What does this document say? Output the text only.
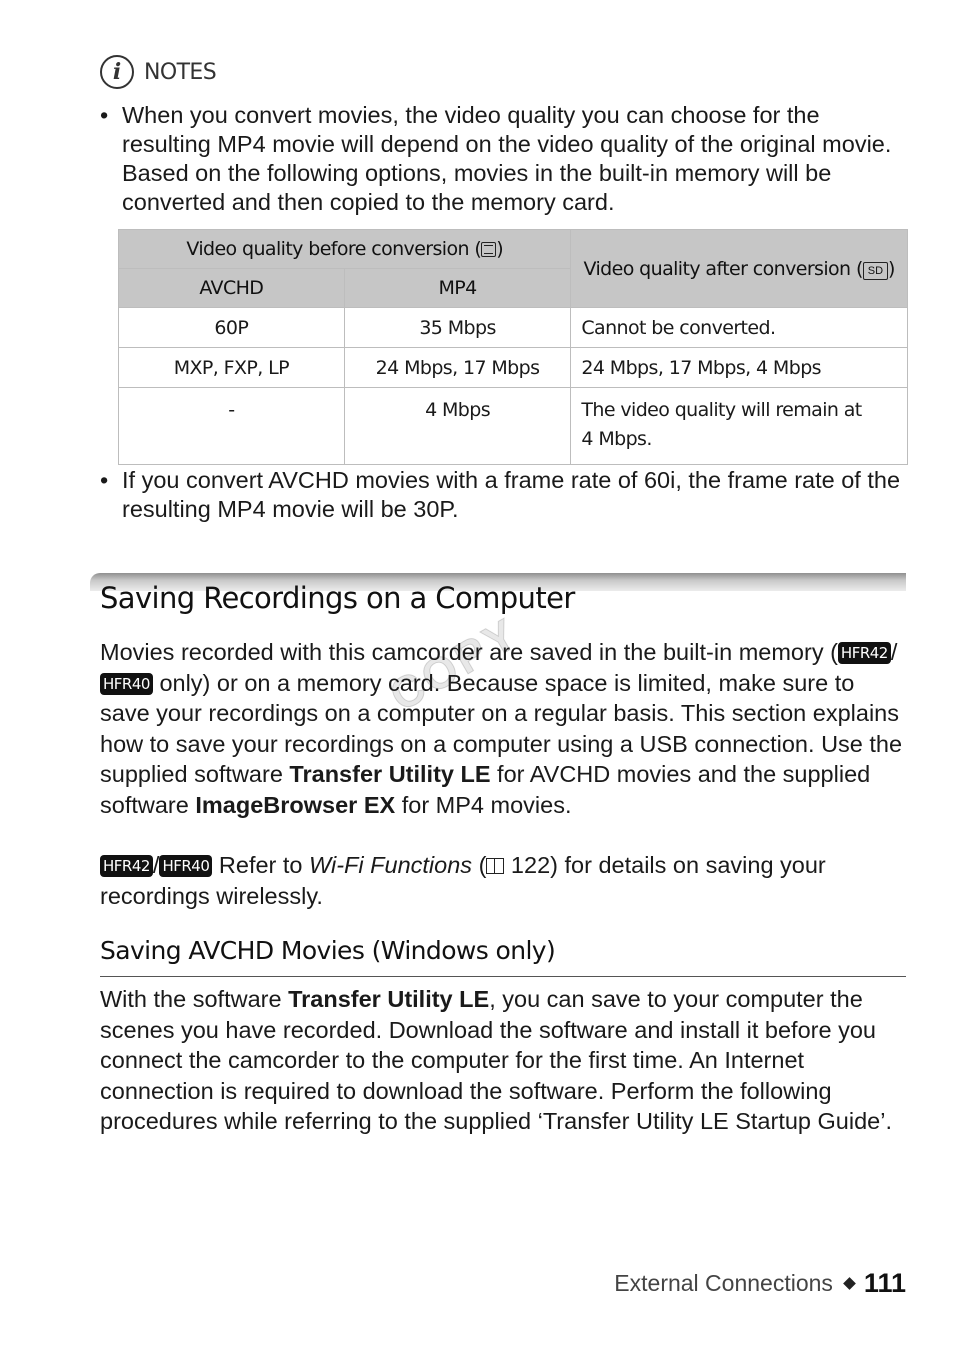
i	NOTES
• When you convert movies, the video quality you can choose for the resulting MP4 movie will depend on the video quality of the original movie. Based on the following options, movies in the built-in memory will be converted and then copied to the memory card.
Video quality before conversion ( )		Video quality after conversion ( SD )
AVCHD	MP4	
60P	35 Mbps	Cannot be converted.
MXP, FXP, LP	24 Mbps, 17 Mbps	24 Mbps, 17 Mbps, 4 Mbps
-	4 Mbps	The video quality will remain at 4 Mbps.
• If you convert AVCHD movies with a frame rate of 60i, the frame rate of the resulting MP4 movie will be 30P.
Saving Recordings on a Computer
COPY
Movies recorded with this camcorder are saved in the built-in memory ( HFR42 /HFR40 only) or on a memory card. Because space is limited, make sure to save your recordings on a computer on a regular basis. This section explains how to save your recordings on a computer using a USB connection. Use the supplied software Transfer Utility LE for AVCHD movies and the supplied software ImageBrowser EX for MP4 movies.
HFR42 / HFR40 Refer to Wi-Fi Functions ( 122) for details on saving your recordings wirelessly.
Saving AVCHD Movies (Windows only)
With the software Transfer Utility LE, you can save to your computer the scenes you have recorded. Download the software and install it before you connect the camcorder to the computer for the first time. An Internet connection is required to download the software. Perform the following procedures while referring to the supplied ‘Transfer Utility LE Startup Guide’.
External Connections 111
